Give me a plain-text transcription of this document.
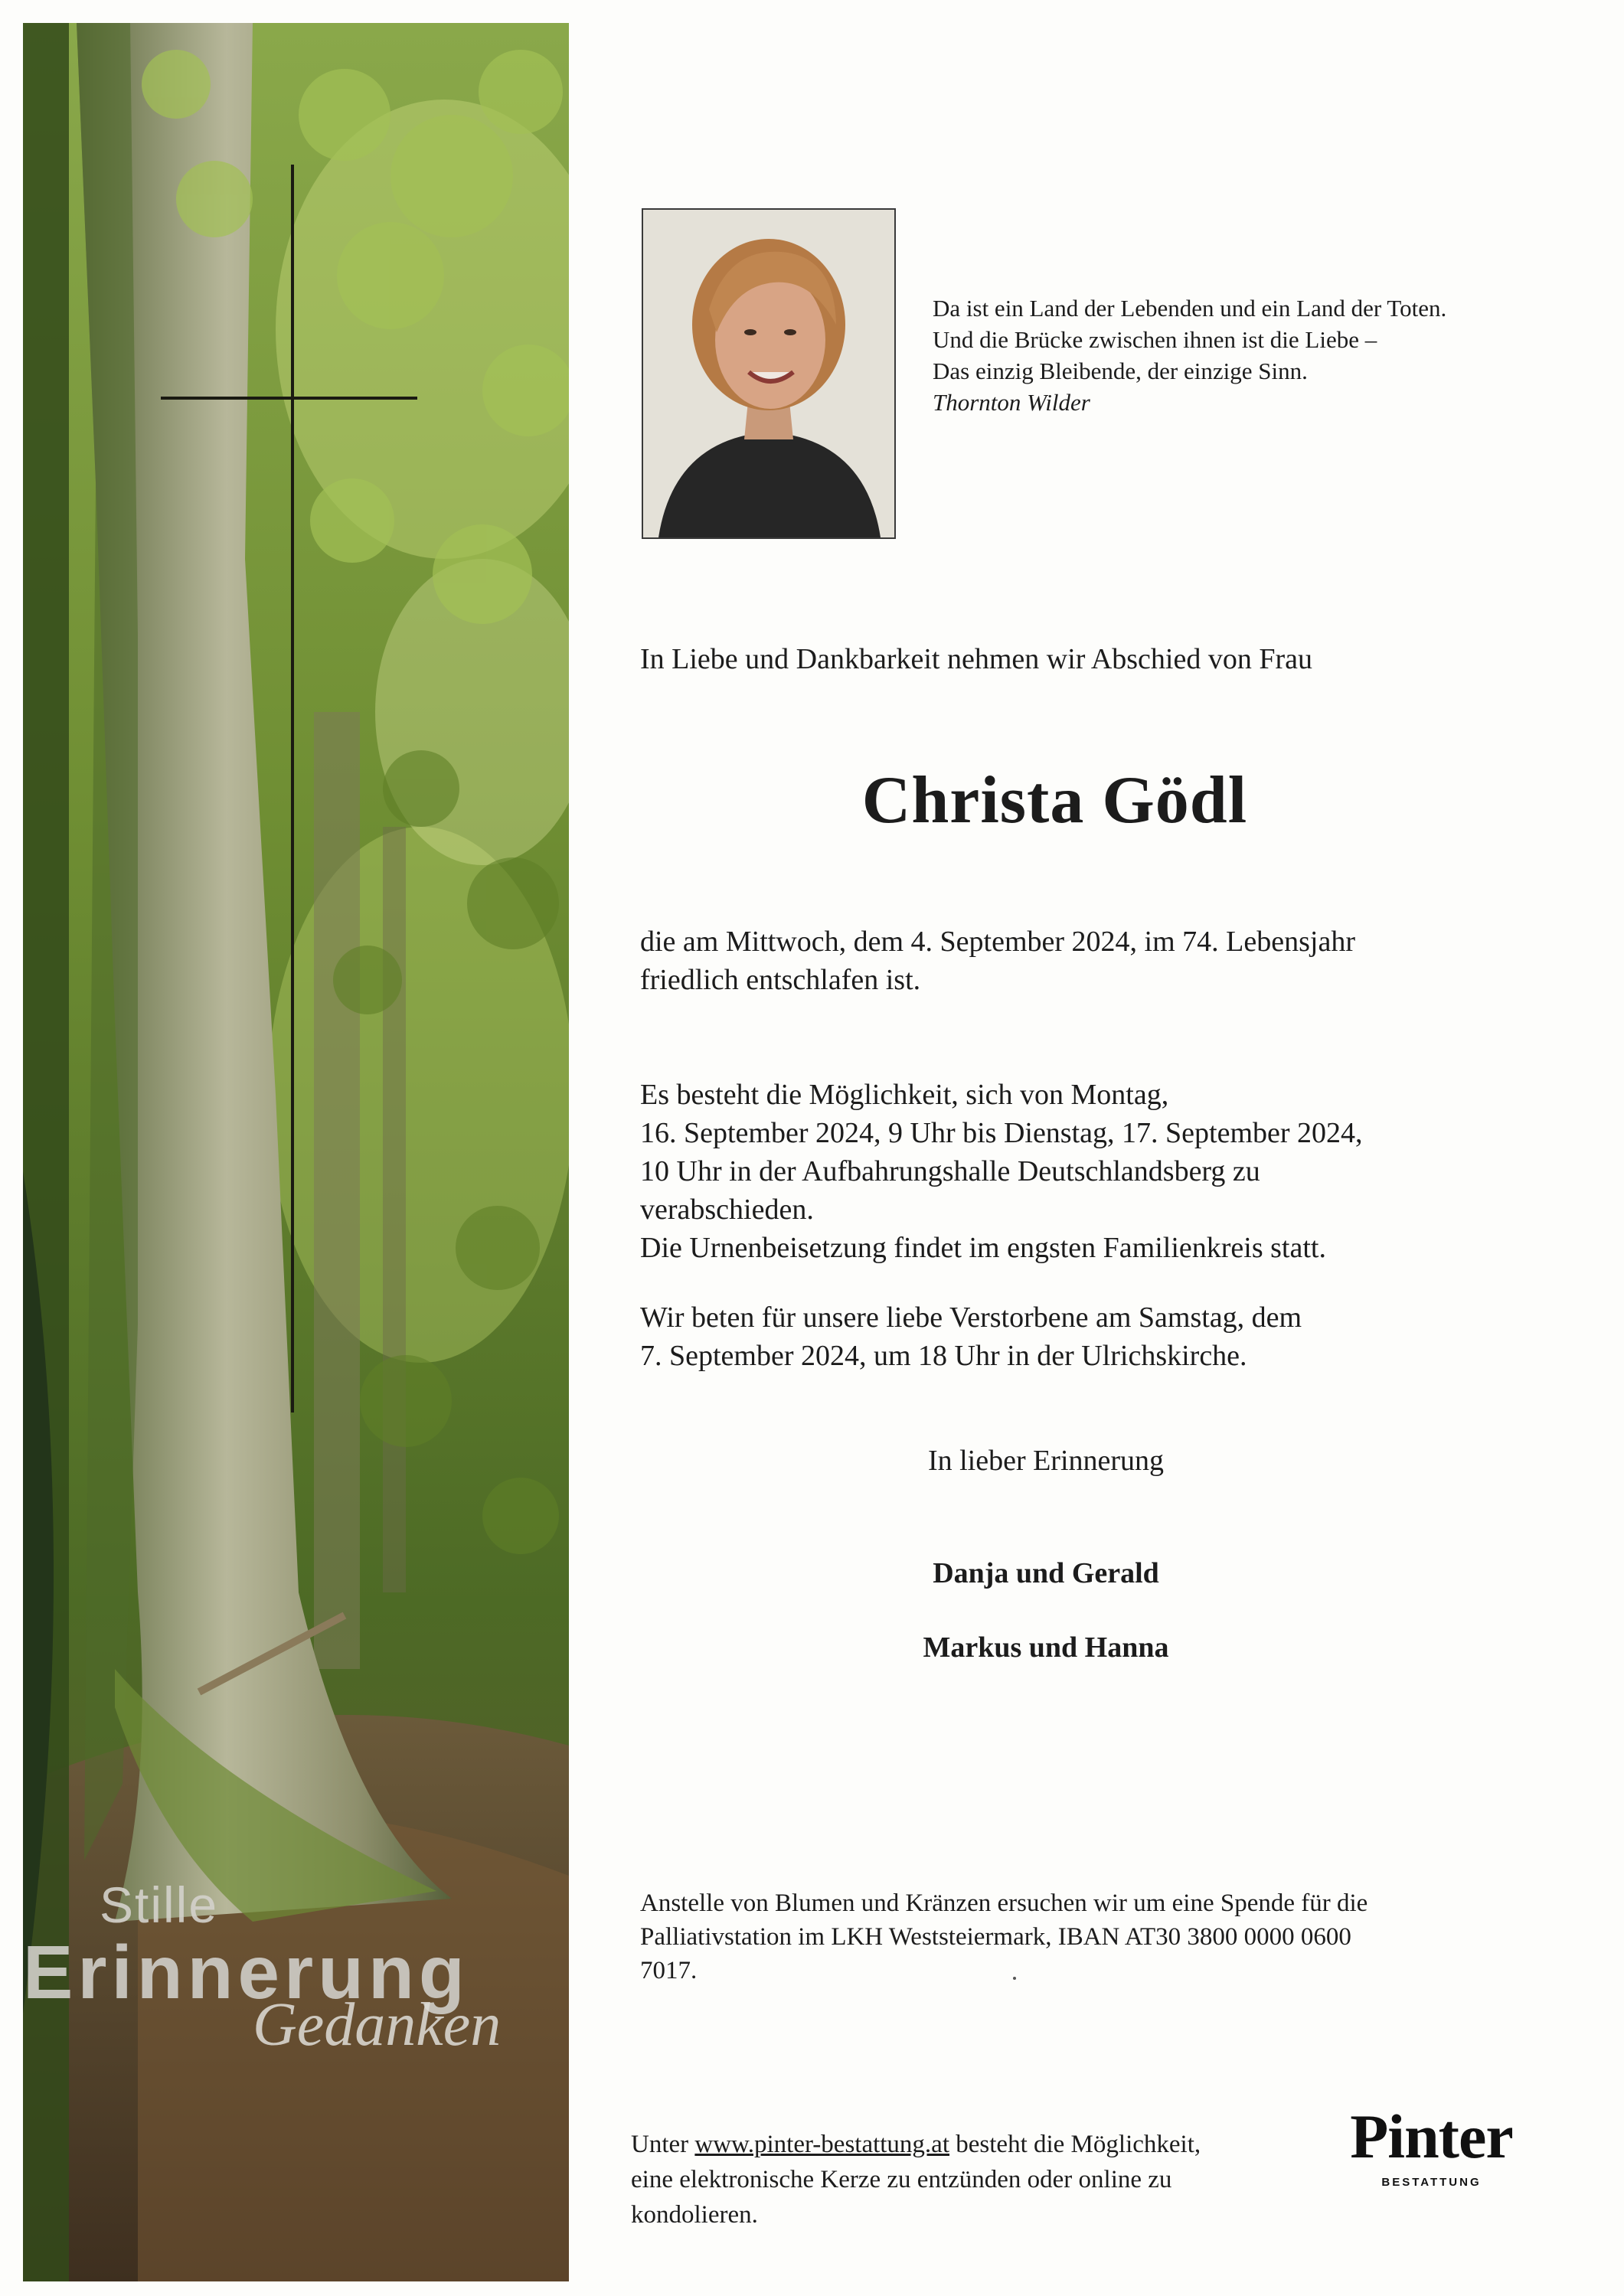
Stille
Erinnerung
Gedanken
Da ist ein Land der Lebenden und ein Land der Toten.
Und die Brücke zwischen ihnen ist die Liebe –
Das einzig Bleibende, der einzige Sinn.
Thornton Wilder
In Liebe und Dankbarkeit nehmen wir Abschied von Frau
Christa Gödl
die am Mittwoch, dem 4. September 2024, im 74. Lebensjahr
friedlich entschlafen ist.
Es besteht die Möglichkeit, sich von Montag,
16. September 2024, 9 Uhr bis Dienstag, 17. September 2024,
10 Uhr in der Aufbahrungshalle Deutschlandsberg zu
verabschieden.
Die Urnenbeisetzung findet im engsten Familienkreis statt.
Wir beten für unsere liebe Verstorbene am Samstag, dem
7. September 2024, um 18 Uhr in der Ulrichskirche.
In lieber Erinnerung
Danja und Gerald
Markus und Hanna
Anstelle von Blumen und Kränzen ersuchen wir um eine Spende für die
Palliativstation im LKH Weststeiermark, IBAN AT30 3800 0000 0600
7017.
Unter www.pinter-bestattung.at besteht die Möglichkeit,
eine elektronische Kerze zu entzünden oder online zu
kondolieren.
Pinter
BESTATTUNG
